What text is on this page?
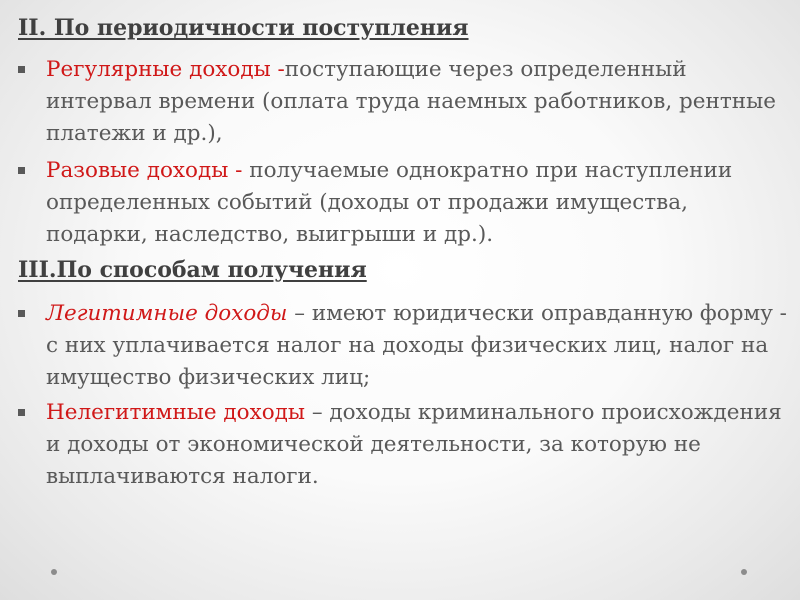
II. По периодичности поступления
Регулярные доходы -поступающие через определенный интервал времени (оплата труда наемных работников, рентные платежи и др.),
Разовые доходы - получаемые однократно при наступлении определенных событий (доходы от продажи имущества, подарки, наследство, выигрыши и др.).
III.По способам получения
Легитимные доходы – имеют юридически оправданную форму - с них уплачивается налог на доходы физических лиц, налог на имущество физических лиц;
Нелегитимные доходы – доходы криминального происхождения и доходы от экономической деятельности, за которую не выплачиваются налоги.
